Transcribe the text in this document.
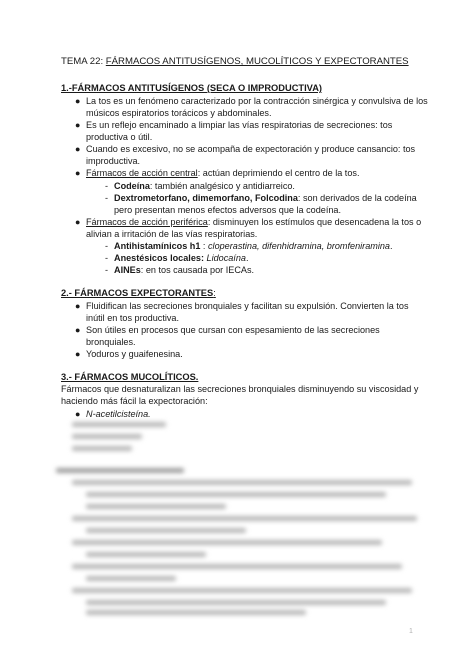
TEMA 22: FÁRMACOS ANTITUSÍGENOS, MUCOLÍTICOS Y EXPECTORANTES
1.-FÁRMACOS ANTITUSÍGENOS (SECA O IMPRODUCTIVA)
● La tos es un fenómeno caracterizado por la contracción sinérgica y convulsiva de los
músicos espiratorios torácicos y abdominales.
● Es un reflejo encaminado a limpiar las vías respiratorias de secreciones: tos
productiva o útil.
● Cuando es excesivo, no se acompaña de expectoración y produce cansancio: tos
improductiva.
● Fármacos de acción central: actúan deprimiendo el centro de la tos.
- Codeína: también analgésico y antidiarreico.
- Dextrometorfano, dimemorfano, Folcodina: son derivados de la codeína
pero presentan menos efectos adversos que la codeína.
● Fármacos de acción periférica: disminuyen los estímulos que desencadena la tos o
alivian a irritación de las vías respiratorias.
- Antihistamínicos h1 : cloperastina, difenhidramina, bromfeniramina.
- Anestésicos locales: Lidocaína.
- AINEs: en tos causada por IECAs.
2.- FÁRMACOS EXPECTORANTES:
● Fluidifican las secreciones bronquiales y facilitan su expulsión. Convierten la tos
inútil en tos productiva.
● Son útiles en procesos que cursan con espesamiento de las secreciones
bronquiales.
● Yoduros y guaifenesina.
3.- FÁRMACOS MUCOLÍTICOS.
Fármacos que desnaturalizan las secreciones bronquiales disminuyendo su viscosidad y
haciendo más fácil la expectoración:
● N-acetilcisteína.
1
